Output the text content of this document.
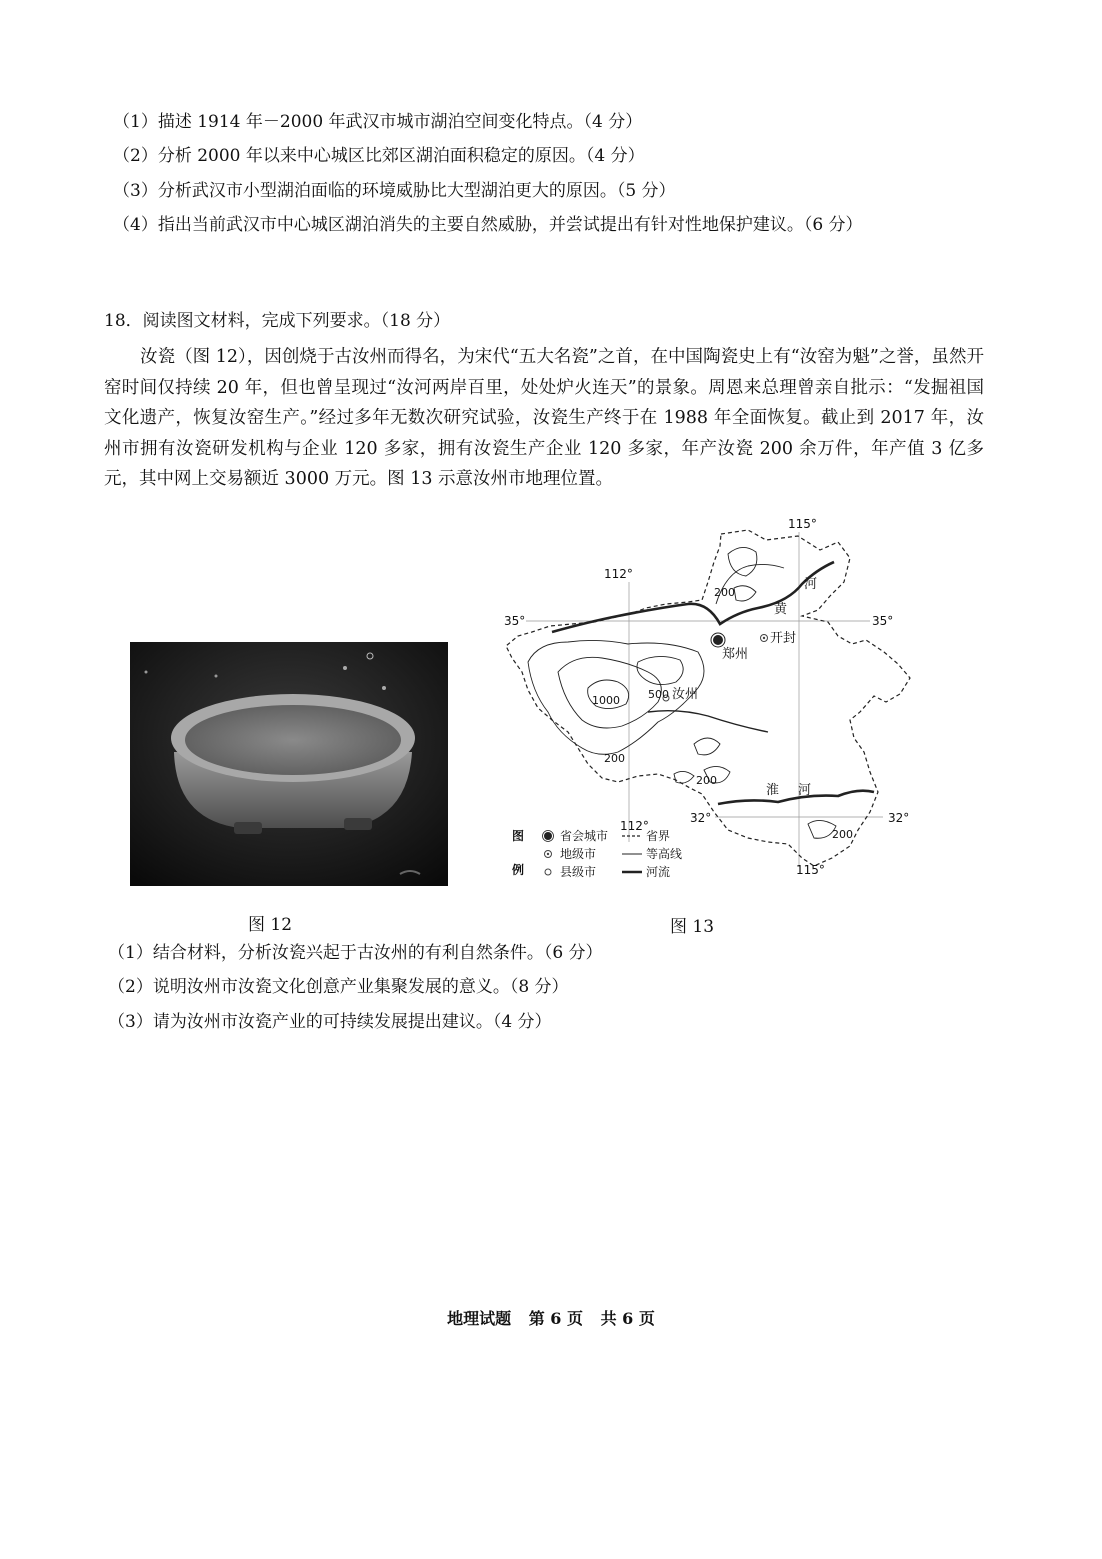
（1）描述 1914 年－2000 年武汉市城市湖泊空间变化特点。（4 分）
（2）分析 2000 年以来中心城区比郊区湖泊面积稳定的原因。（4 分）
（3）分析武汉市小型湖泊面临的环境威胁比大型湖泊更大的原因。（5 分）
（4）指出当前武汉市中心城区湖泊消失的主要自然威胁，并尝试提出有针对性地保护建议。（6 分）
18．阅读图文材料，完成下列要求。（18 分）
汝瓷（图 12），因创烧于古汝州而得名，为宋代“五大名瓷”之首，在中国陶瓷史上有“汝窑为魁”之誉，虽然开窑时间仅持续 20 年，但也曾呈现过“汝河两岸百里，处处炉火连天”的景象。周恩来总理曾亲自批示：“发掘祖国文化遗产，恢复汝窑生产。”经过多年无数次研究试验，汝瓷生产终于在 1988 年全面恢复。截止到 2017 年，汝州市拥有汝瓷研发机构与企业 120 多家，拥有汝瓷生产企业 120 多家，年产汝瓷 200 余万件，年产值 3 亿多元，其中网上交易额近 3000 万元。图 13 示意汝州市地理位置。
115°
112°
35°	35°
112°
32°	32°
115°
河
黄
淮 河
郑州
开封
汝州
200
1000	500
200
200
200
图
例
省会城市
地级市
县级市
省界
等高线
河流
图 12	图 13
（1）结合材料，分析汝瓷兴起于古汝州的有利自然条件。（6 分）
（2）说明汝州市汝瓷文化创意产业集聚发展的意义。（8 分）
（3）请为汝州市汝瓷产业的可持续发展提出建议。（4 分）
地理试题 第 6 页 共 6 页
